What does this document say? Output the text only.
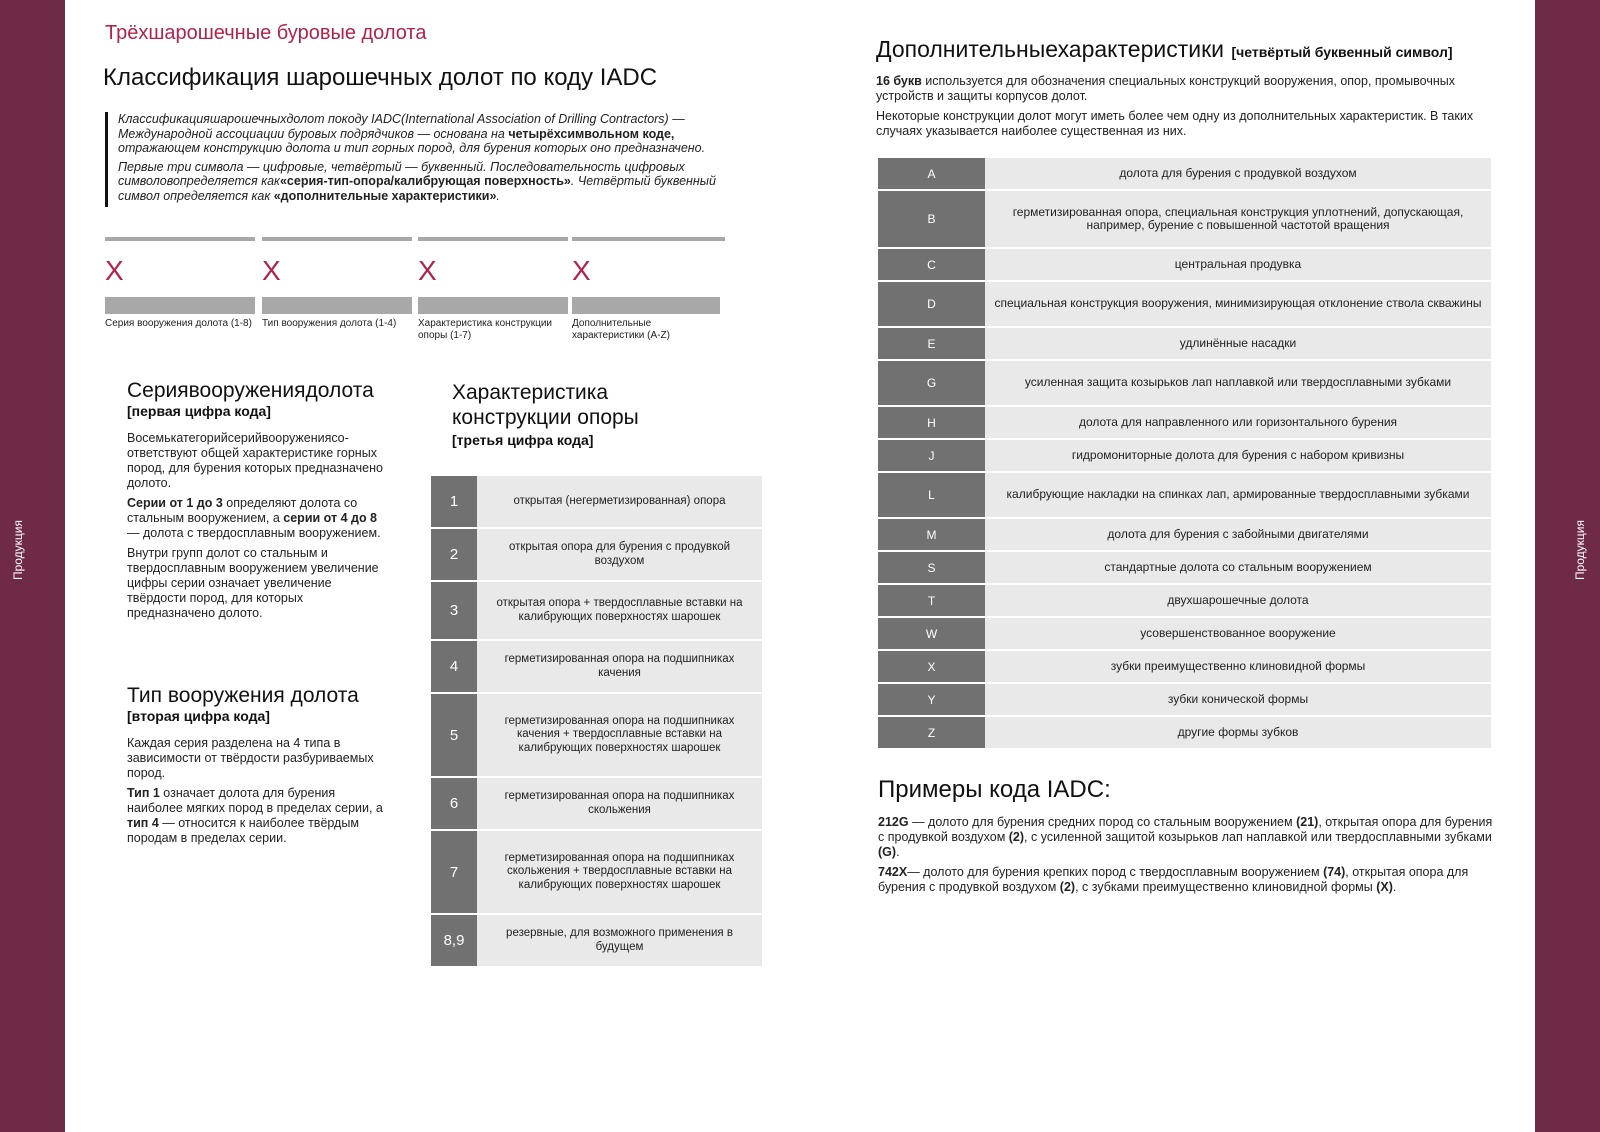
Продукция	Продукция
Трёхшарошечные буровые долота
Классификация шарошечных долот по коду IADC

Классификацияшарошечныхдолот покоду IADC(International Association of Drilling Contractors) — Международной ассоциации буровых подрядчиков — основана на четырёхсимвольном коде, отражающем конструкцию долота и тип горных пород, для бурения которых оно предназначено.

Первые три символа — цифровые, четвёртый — буквенный. Последовательность цифровых символовопределяется как«серия-тип-опора/калибрующая поверхность». Четвёртый буквенный символ определяется как «дополнительные характеристики».

X
Серия вооружения долота (1-8)
X
Тип вооружения долота (1-4)
X
Характеристика конструкции опоры (1-7)
X
Дополнительные характеристики (A-Z)
Сериявооружениядолота
[первая цифра кода]

Восемькатегорийсерийвооруженияcо-ответствуют общей характеристике горных пород, для бурения которых предназначено долото.

Серии от 1 до 3 определяют долота со стальным вооружением, а серии от 4 до 8 — долота с твердосплавным вооружением.

Внутри групп долот со стальным и твердосплавным вооружением увеличение цифры серии означает увеличение твёрдости пород, для которых предназначено долото.

Тип вооружения долота
[вторая цифра кода]

Каждая серия разделена на 4 типа в зависимости от твёрдости разбуриваемых пород.

Тип 1 означает долота для бурения наиболее мягких пород в пределах серии, а тип 4 — относится к наиболее твёрдым породам в пределах серии.

Характеристика
конструкции опоры
[третья цифра кода]
1	открытая (негерметизированная) опора
2	открытая опора для бурения с продувкой воздухом
3	открытая опора + твердосплавные вставки на калибрующих поверхностях шарошек
4	герметизированная опора на подшипниках качения
5	герметизированная опора на подшипниках качения + твердосплавные вставки на калибрующих поверхностях шарошек
6	герметизированная опора на подшипниках скольжения
7	герметизированная опора на подшипниках скольжения + твердосплавные вставки на калибрующих поверхностях шарошек
8,9	резервные, для возможного применения в будущем
Дополнительныехарактеристики [четвёртый буквенный символ]

16 букв используется для обозначения специальных конструкций вооружения, опор, промывочных устройств и защиты корпусов долот.

Некоторые конструкции долот могут иметь более чем одну из дополнительных характеристик. В таких случаях указывается наиболее существенная из них.

A	долота для бурения с продувкой воздухом
B	герметизированная опора, специальная конструкция уплотнений, допускающая, например, бурение с повышенной частотой вращения
C	центральная продувка
D	специальная конструкция вооружения, минимизирующая отклонение ствола скважины
E	удлинённые насадки
G	усиленная защита козырьков лап наплавкой или твердосплавными зубками
H	долота для направленного или горизонтального бурения
J	гидромониторные долота для бурения с набором кривизны
L	калибрующие накладки на спинках лап, армированные твердосплавными зубками
M	долота для бурения с забойными двигателями
S	стандартные долота со стальным вооружением
T	двухшарошечные долота
W	усовершенствованное вооружение
X	зубки преимущественно клиновидной формы
Y	зубки конической формы
Z	другие формы зубков
Примеры кода IADC:

212G — долото для бурения средних пород со стальным вооружением (21), открытая опора для бурения с продувкой воздухом (2), с усиленной защитой козырьков лап наплавкой или твердосплавными зубками (G).

742X— долото для бурения крепких пород с твердосплавным вооружением (74), открытая опора для бурения с продувкой воздухом (2), с зубками преимущественно клиновидной формы (X).
